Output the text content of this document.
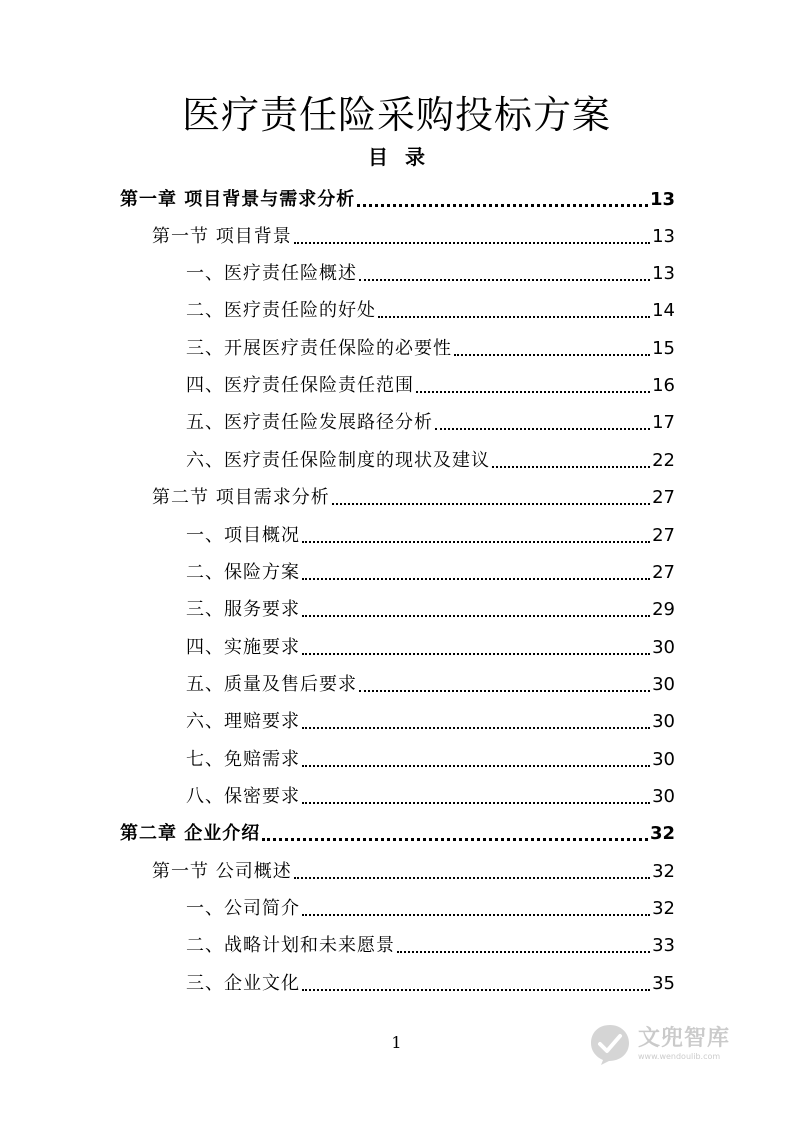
医疗责任险采购投标方案
目 录
第一章 项目背景与需求分析	13
第一节 项目背景	13
一、医疗责任险概述	13
二、医疗责任险的好处	14
三、开展医疗责任保险的必要性	15
四、医疗责任保险责任范围	16
五、医疗责任险发展路径分析	17
六、医疗责任保险制度的现状及建议	22
第二节 项目需求分析	27
一、项目概况	27
二、保险方案	27
三、服务要求	29
四、实施要求	30
五、质量及售后要求	30
六、理赔要求	30
七、免赔需求	30
八、保密要求	30
第二章 企业介绍	32
第一节 公司概述	32
一、公司简介	32
二、战略计划和未来愿景	33
三、企业文化	35
1	文兜智库
www.wendoulib.com
